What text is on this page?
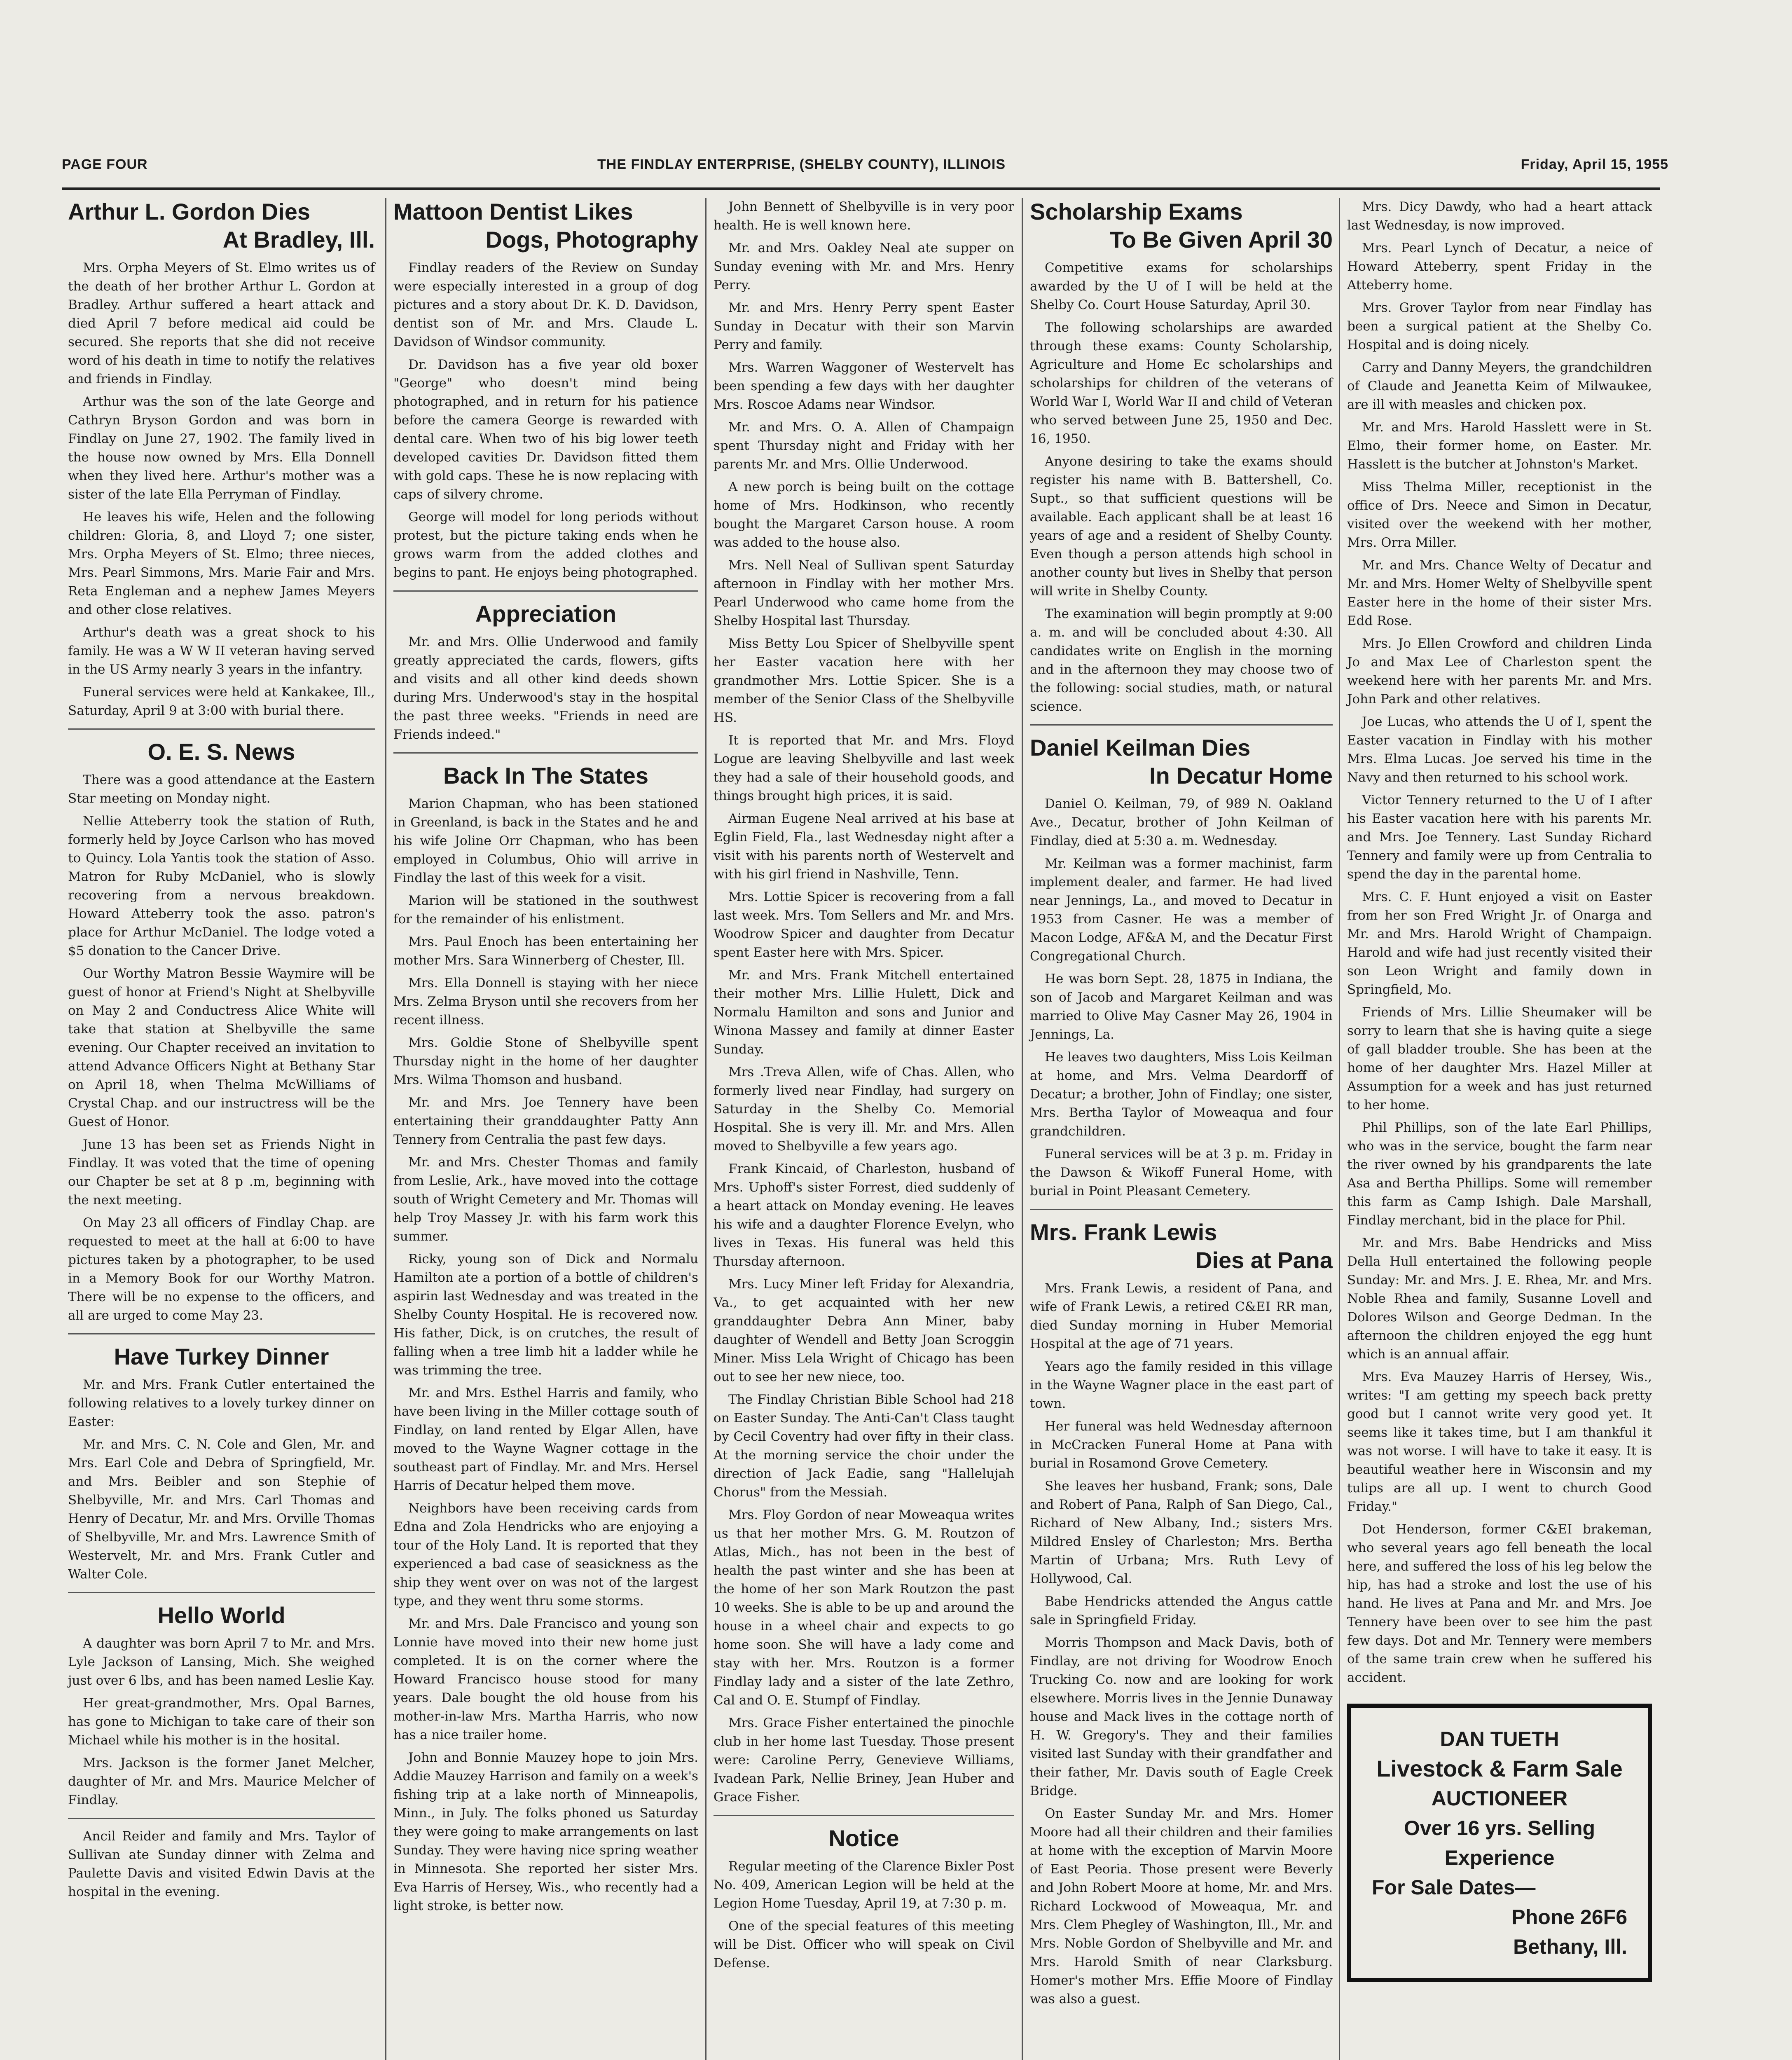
PAGE FOUR	THE FINDLAY ENTERPRISE, (SHELBY COUNTY), ILLINOIS	Friday, April 15, 1955
Arthur L. Gordon Dies
At Bradley, Ill.

Mrs. Orpha Meyers of St. Elmo writes us of the death of her brother Arthur L. Gordon at Bradley. Arthur suffered a heart attack and died April 7 before medical aid could be secured. She reports that she did not receive word of his death in time to notify the relatives and friends in Findlay.

Arthur was the son of the late George and Cathryn Bryson Gordon and was born in Findlay on June 27, 1902. The family lived in the house now owned by Mrs. Ella Donnell when they lived here. Arthur's mother was a sister of the late Ella Perryman of Findlay.

He leaves his wife, Helen and the following children: Gloria, 8, and Lloyd 7; one sister, Mrs. Orpha Meyers of St. Elmo; three nieces, Mrs. Pearl Simmons, Mrs. Marie Fair and Mrs. Reta Engleman and a nephew James Meyers and other close relatives.

Arthur's death was a great shock to his family. He was a W W II veteran having served in the US Army nearly 3 years in the infantry.

Funeral services were held at Kankakee, Ill., Saturday, April 9 at 3:00 with burial there.

O. E. S. News

There was a good attendance at the Eastern Star meeting on Monday night.

Nellie Atteberry took the station of Ruth, formerly held by Joyce Carlson who has moved to Quincy. Lola Yantis took the station of Asso. Matron for Ruby McDaniel, who is slowly recovering from a nervous breakdown. Howard Atteberry took the asso. patron's place for Arthur McDaniel. The lodge voted a $5 donation to the Cancer Drive.

Our Worthy Matron Bessie Waymire will be guest of honor at Friend's Night at Shelbyville on May 2 and Conductress Alice White will take that station at Shelbyville the same evening. Our Chapter received an invitation to attend Advance Officers Night at Bethany Star on April 18, when Thelma McWilliams of Crystal Chap. and our instructress will be the Guest of Honor.

June 13 has been set as Friends Night in Findlay. It was voted that the time of opening our Chapter be set at 8 p .m, beginning with the next meeting.

On May 23 all officers of Findlay Chap. are requested to meet at the hall at 6:00 to have pictures taken by a photographer, to be used in a Memory Book for our Worthy Matron. There will be no expense to the officers, and all are urged to come May 23.

Have Turkey Dinner

Mr. and Mrs. Frank Cutler entertained the following relatives to a lovely turkey dinner on Easter:

Mr. and Mrs. C. N. Cole and Glen, Mr. and Mrs. Earl Cole and Debra of Springfield, Mr. and Mrs. Beibler and son Stephie of Shelbyville, Mr. and Mrs. Carl Thomas and Henry of Decatur, Mr. and Mrs. Orville Thomas of Shelbyville, Mr. and Mrs. Lawrence Smith of Westervelt, Mr. and Mrs. Frank Cutler and Walter Cole.

Hello World

A daughter was born April 7 to Mr. and Mrs. Lyle Jackson of Lansing, Mich. She weighed just over 6 lbs, and has been named Leslie Kay.

Her great-grandmother, Mrs. Opal Barnes, has gone to Michigan to take care of their son Michael while his mother is in the hosital.

Mrs. Jackson is the former Janet Melcher, daughter of Mr. and Mrs. Maurice Melcher of Findlay.

Ancil Reider and family and Mrs. Taylor of Sullivan ate Sunday dinner with Zelma and Paulette Davis and visited Edwin Davis at the hospital in the evening.

Mattoon Dentist Likes
Dogs, Photography

Findlay readers of the Review on Sunday were especially interested in a group of dog pictures and a story about Dr. K. D. Davidson, dentist son of Mr. and Mrs. Claude L. Davidson of Windsor community.

Dr. Davidson has a five year old boxer "George" who doesn't mind being photographed, and in return for his patience before the camera George is rewarded with dental care. When two of his big lower teeth developed cavities Dr. Davidson fitted them with gold caps. These he is now replacing with caps of silvery chrome.

George will model for long periods without protest, but the picture taking ends when he grows warm from the added clothes and begins to pant. He enjoys being photographed.

Appreciation

Mr. and Mrs. Ollie Underwood and family greatly appreciated the cards, flowers, gifts and visits and all other kind deeds shown during Mrs. Underwood's stay in the hospital the past three weeks. "Friends in need are Friends indeed."

Back In The States

Marion Chapman, who has been stationed in Greenland, is back in the States and he and his wife Joline Orr Chapman, who has been employed in Columbus, Ohio will arrive in Findlay the last of this week for a visit.

Marion will be stationed in the southwest for the remainder of his enlistment.

Mrs. Paul Enoch has been entertaining her mother Mrs. Sara Winnerberg of Chester, Ill.

Mrs. Ella Donnell is staying with her niece Mrs. Zelma Bryson until she recovers from her recent illness.

Mrs. Goldie Stone of Shelbyville spent Thursday night in the home of her daughter Mrs. Wilma Thomson and husband.

Mr. and Mrs. Joe Tennery have been entertaining their granddaughter Patty Ann Tennery from Centralia the past few days.

Mr. and Mrs. Chester Thomas and family from Leslie, Ark., have moved into the cottage south of Wright Cemetery and Mr. Thomas will help Troy Massey Jr. with his farm work this summer.

Ricky, young son of Dick and Normalu Hamilton ate a portion of a bottle of children's aspirin last Wednesday and was treated in the Shelby County Hospital. He is recovered now. His father, Dick, is on crutches, the result of falling when a tree limb hit a ladder while he was trimming the tree.

Mr. and Mrs. Esthel Harris and family, who have been living in the Miller cottage south of Findlay, on land rented by Elgar Allen, have moved to the Wayne Wagner cottage in the southeast part of Findlay. Mr. and Mrs. Hersel Harris of Decatur helped them move.

Neighbors have been receiving cards from Edna and Zola Hendricks who are enjoying a tour of the Holy Land. It is reported that they experienced a bad case of seasickness as the ship they went over on was not of the largest type, and they went thru some storms.

Mr. and Mrs. Dale Francisco and young son Lonnie have moved into their new home just completed. It is on the corner where the Howard Francisco house stood for many years. Dale bought the old house from his mother-in-law Mrs. Martha Harris, who now has a nice trailer home.

John and Bonnie Mauzey hope to join Mrs. Addie Mauzey Harrison and family on a week's fishing trip at a lake north of Minneapolis, Minn., in July. The folks phoned us Saturday they were going to make arrangements on last Sunday. They were having nice spring weather in Minnesota. She reported her sister Mrs. Eva Harris of Hersey, Wis., who recently had a light stroke, is better now.

John Bennett of Shelbyville is in very poor health. He is well known here.

Mr. and Mrs. Oakley Neal ate supper on Sunday evening with Mr. and Mrs. Henry Perry.

Mr. and Mrs. Henry Perry spent Easter Sunday in Decatur with their son Marvin Perry and family.

Mrs. Warren Waggoner of Westervelt has been spending a few days with her daughter Mrs. Roscoe Adams near Windsor.

Mr. and Mrs. O. A. Allen of Champaign spent Thursday night and Friday with her parents Mr. and Mrs. Ollie Underwood.

A new porch is being built on the cottage home of Mrs. Hodkinson, who recently bought the Margaret Carson house. A room was added to the house also.

Mrs. Nell Neal of Sullivan spent Saturday afternoon in Findlay with her mother Mrs. Pearl Underwood who came home from the Shelby Hospital last Thursday.

Miss Betty Lou Spicer of Shelbyville spent her Easter vacation here with her grandmother Mrs. Lottie Spicer. She is a member of the Senior Class of the Shelbyville HS.

It is reported that Mr. and Mrs. Floyd Logue are leaving Shelbyville and last week they had a sale of their household goods, and things brought high prices, it is said.

Airman Eugene Neal arrived at his base at Eglin Field, Fla., last Wednesday night after a visit with his parents north of Westervelt and with his girl friend in Nashville, Tenn.

Mrs. Lottie Spicer is recovering from a fall last week. Mrs. Tom Sellers and Mr. and Mrs. Woodrow Spicer and daughter from Decatur spent Easter here with Mrs. Spicer.

Mr. and Mrs. Frank Mitchell entertained their mother Mrs. Lillie Hulett, Dick and Normalu Hamilton and sons and Junior and Winona Massey and family at dinner Easter Sunday.

Mrs .Treva Allen, wife of Chas. Allen, who formerly lived near Findlay, had surgery on Saturday in the Shelby Co. Memorial Hospital. She is very ill. Mr. and Mrs. Allen moved to Shelbyville a few years ago.

Frank Kincaid, of Charleston, husband of Mrs. Uphoff's sister Forrest, died suddenly of a heart attack on Monday evening. He leaves his wife and a daughter Florence Evelyn, who lives in Texas. His funeral was held this Thursday afternoon.

Mrs. Lucy Miner left Friday for Alexandria, Va., to get acquainted with her new granddaughter Debra Ann Miner, baby daughter of Wendell and Betty Joan Scroggin Miner. Miss Lela Wright of Chicago has been out to see her new niece, too.

The Findlay Christian Bible School had 218 on Easter Sunday. The Anti-Can't Class taught by Cecil Coventry had over fifty in their class. At the morning service the choir under the direction of Jack Eadie, sang "Hallelujah Chorus" from the Messiah.

Mrs. Floy Gordon of near Moweaqua writes us that her mother Mrs. G. M. Routzon of Atlas, Mich., has not been in the best of health the past winter and she has been at the home of her son Mark Routzon the past 10 weeks. She is able to be up and around the house in a wheel chair and expects to go home soon. She will have a lady come and stay with her. Mrs. Routzon is a former Findlay lady and a sister of the late Zethro, Cal and O. E. Stumpf of Findlay.

Mrs. Grace Fisher entertained the pinochle club in her home last Tuesday. Those present were: Caroline Perry, Genevieve Williams, Ivadean Park, Nellie Briney, Jean Huber and Grace Fisher.

Notice

Regular meeting of the Clarence Bixler Post No. 409, American Legion will be held at the Legion Home Tuesday, April 19, at 7:30 p. m.

One of the special features of this meeting will be Dist. Officer who will speak on Civil Defense.

Scholarship Exams
To Be Given April 30

Competitive exams for scholarships awarded by the U of I will be held at the Shelby Co. Court House Saturday, April 30.

The following scholarships are awarded through these exams: County Scholarship, Agriculture and Home Ec scholarships and scholarships for children of the veterans of World War I, World War II and child of Veteran who served between June 25, 1950 and Dec. 16, 1950.

Anyone desiring to take the exams should register his name with B. Battershell, Co. Supt., so that sufficient questions will be available. Each applicant shall be at least 16 years of age and a resident of Shelby County. Even though a person attends high school in another county but lives in Shelby that person will write in Shelby County.

The examination will begin promptly at 9:00 a. m. and will be concluded about 4:30. All candidates write on English in the morning and in the afternoon they may choose two of the following: social studies, math, or natural science.

Daniel Keilman Dies
In Decatur Home

Daniel O. Keilman, 79, of 989 N. Oakland Ave., Decatur, brother of John Keilman of Findlay, died at 5:30 a. m. Wednesday.

Mr. Keilman was a former machinist, farm implement dealer, and farmer. He had lived near Jennings, La., and moved to Decatur in 1953 from Casner. He was a member of Macon Lodge, AF&A M, and the Decatur First Congregational Church.

He was born Sept. 28, 1875 in Indiana, the son of Jacob and Margaret Keilman and was married to Olive May Casner May 26, 1904 in Jennings, La.

He leaves two daughters, Miss Lois Keilman at home, and Mrs. Velma Deardorff of Decatur; a brother, John of Findlay; one sister, Mrs. Bertha Taylor of Moweaqua and four grandchildren.

Funeral services will be at 3 p. m. Friday in the Dawson & Wikoff Funeral Home, with burial in Point Pleasant Cemetery.

Mrs. Frank Lewis
Dies at Pana

Mrs. Frank Lewis, a resident of Pana, and wife of Frank Lewis, a retired C&EI RR man, died Sunday morning in Huber Memorial Hospital at the age of 71 years.

Years ago the family resided in this village in the Wayne Wagner place in the east part of town.

Her funeral was held Wednesday afternoon in McCracken Funeral Home at Pana with burial in Rosamond Grove Cemetery.

She leaves her husband, Frank; sons, Dale and Robert of Pana, Ralph of San Diego, Cal., Richard of New Albany, Ind.; sisters Mrs. Mildred Ensley of Charleston; Mrs. Bertha Martin of Urbana; Mrs. Ruth Levy of Hollywood, Cal.

Babe Hendricks attended the Angus cattle sale in Springfield Friday.

Morris Thompson and Mack Davis, both of Findlay, are not driving for Woodrow Enoch Trucking Co. now and are looking for work elsewhere. Morris lives in the Jennie Dunaway house and Mack lives in the cottage north of H. W. Gregory's. They and their families visited last Sunday with their grandfather and their father, Mr. Davis south of Eagle Creek Bridge.

On Easter Sunday Mr. and Mrs. Homer Moore had all their children and their families at home with the exception of Marvin Moore of East Peoria. Those present were Beverly and John Robert Moore at home, Mr. and Mrs. Richard Lockwood of Moweaqua, Mr. and Mrs. Clem Phegley of Washington, Ill., Mr. and Mrs. Noble Gordon of Shelbyville and Mr. and Mrs. Harold Smith of near Clarksburg. Homer's mother Mrs. Effie Moore of Findlay was also a guest.

Mrs. Dicy Dawdy, who had a heart attack last Wednesday, is now improved.

Mrs. Pearl Lynch of Decatur, a neice of Howard Atteberry, spent Friday in the Atteberry home.

Mrs. Grover Taylor from near Findlay has been a surgical patient at the Shelby Co. Hospital and is doing nicely.

Carry and Danny Meyers, the grandchildren of Claude and Jeanetta Keim of Milwaukee, are ill with measles and chicken pox.

Mr. and Mrs. Harold Hasslett were in St. Elmo, their former home, on Easter. Mr. Hasslett is the butcher at Johnston's Market.

Miss Thelma Miller, receptionist in the office of Drs. Neece and Simon in Decatur, visited over the weekend with her mother, Mrs. Orra Miller.

Mr. and Mrs. Chance Welty of Decatur and Mr. and Mrs. Homer Welty of Shelbyville spent Easter here in the home of their sister Mrs. Edd Rose.

Mrs. Jo Ellen Crowford and children Linda Jo and Max Lee of Charleston spent the weekend here with her parents Mr. and Mrs. John Park and other relatives.

Joe Lucas, who attends the U of I, spent the Easter vacation in Findlay with his mother Mrs. Elma Lucas. Joe served his time in the Navy and then returned to his school work.

Victor Tennery returned to the U of I after his Easter vacation here with his parents Mr. and Mrs. Joe Tennery. Last Sunday Richard Tennery and family were up from Centralia to spend the day in the parental home.

Mrs. C. F. Hunt enjoyed a visit on Easter from her son Fred Wright Jr. of Onarga and Mr. and Mrs. Harold Wright of Champaign. Harold and wife had just recently visited their son Leon Wright and family down in Springfield, Mo.

Friends of Mrs. Lillie Sheumaker will be sorry to learn that she is having quite a siege of gall bladder trouble. She has been at the home of her daughter Mrs. Hazel Miller at Assumption for a week and has just returned to her home.

Phil Phillips, son of the late Earl Phillips, who was in the service, bought the farm near the river owned by his grandparents the late Asa and Bertha Phillips. Some will remember this farm as Camp Ishigh. Dale Marshall, Findlay merchant, bid in the place for Phil.

Mr. and Mrs. Babe Hendricks and Miss Della Hull entertained the following people Sunday: Mr. and Mrs. J. E. Rhea, Mr. and Mrs. Noble Rhea and family, Susanne Lovell and Dolores Wilson and George Dedman. In the afternoon the children enjoyed the egg hunt which is an annual affair.

Mrs. Eva Mauzey Harris of Hersey, Wis., writes: "I am getting my speech back pretty good but I cannot write very good yet. It seems like it takes time, but I am thankful it was not worse. I will have to take it easy. It is beautiful weather here in Wisconsin and my tulips are all up. I went to church Good Friday."

Dot Henderson, former C&EI brakeman, who several years ago fell beneath the local here, and suffered the loss of his leg below the hip, has had a stroke and lost the use of his hand. He lives at Pana and Mr. and Mrs. Joe Tennery have been over to see him the past few days. Dot and Mr. Tennery were members of the same train crew when he suffered his accident.

DAN TUETH
Livestock & Farm Sale
AUCTIONEER
Over 16 yrs. Selling
Experience
For Sale Dates—
Phone 26F6
Bethany, Ill.
